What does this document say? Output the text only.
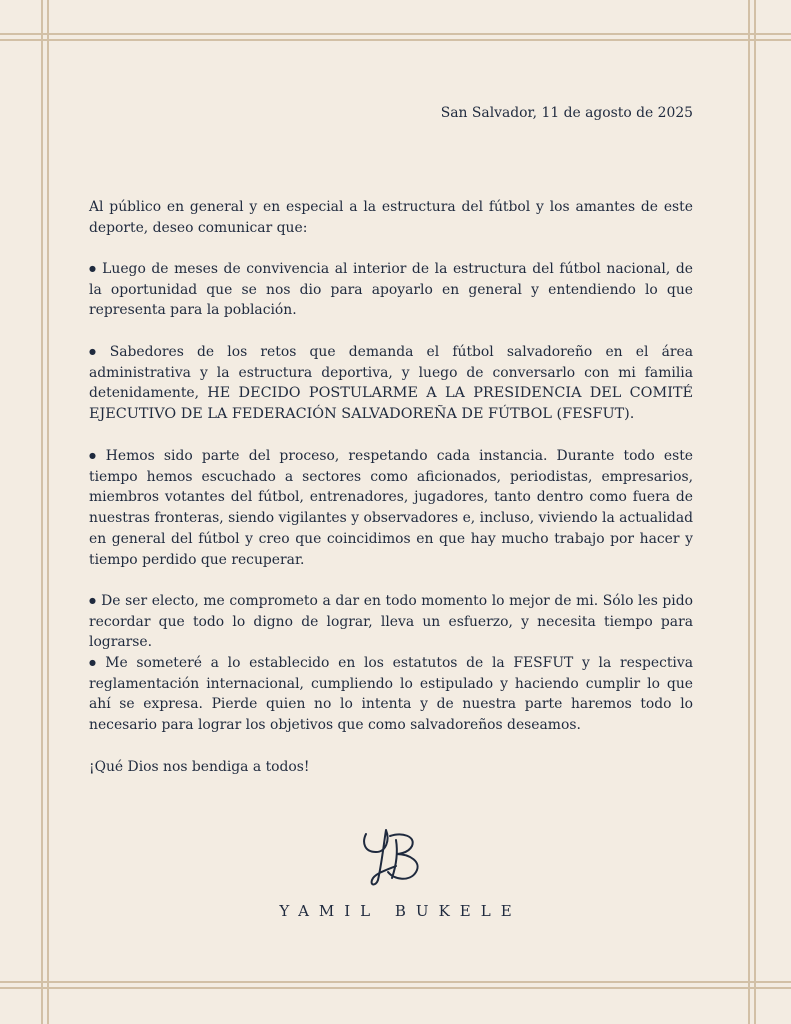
San Salvador, 11 de agosto de 2025
Al público en general y en especial a la estructura del fútbol y los amantes de este deporte, deseo comunicar que:
● Luego de meses de convivencia al interior de la estructura del fútbol nacional, de la oportunidad que se nos dio para apoyarlo en general y entendiendo lo que representa para la población.
● Sabedores de los retos que demanda el fútbol salvadoreño en el área administrativa y la estructura deportiva, y luego de conversarlo con mi familia detenidamente, HE DECIDO POSTULARME A LA PRESIDENCIA DEL COMITÉ EJECUTIVO DE LA FEDERACIÓN SALVADOREÑA DE FÚTBOL (FESFUT).
● Hemos sido parte del proceso, respetando cada instancia. Durante todo este tiempo hemos escuchado a sectores como aficionados, periodistas, empresarios, miembros votantes del fútbol, entrenadores, jugadores, tanto dentro como fuera de nuestras fronteras, siendo vigilantes y observadores e, incluso, viviendo la actualidad en general del fútbol y creo que coincidimos en que hay mucho trabajo por hacer y tiempo perdido que recuperar.
● De ser electo, me comprometo a dar en todo momento lo mejor de mi. Sólo les pido recordar que todo lo digno de lograr, lleva un esfuerzo, y necesita tiempo para lograrse.
● Me someteré a lo establecido en los estatutos de la FESFUT y la respectiva reglamentación internacional, cumpliendo lo estipulado y haciendo cumplir lo que ahí se expresa. Pierde quien no lo intenta y de nuestra parte haremos todo lo necesario para lograr los objetivos que como salvadoreños deseamos.
¡Qué Dios nos bendiga a todos!
YAMIL BUKELE
